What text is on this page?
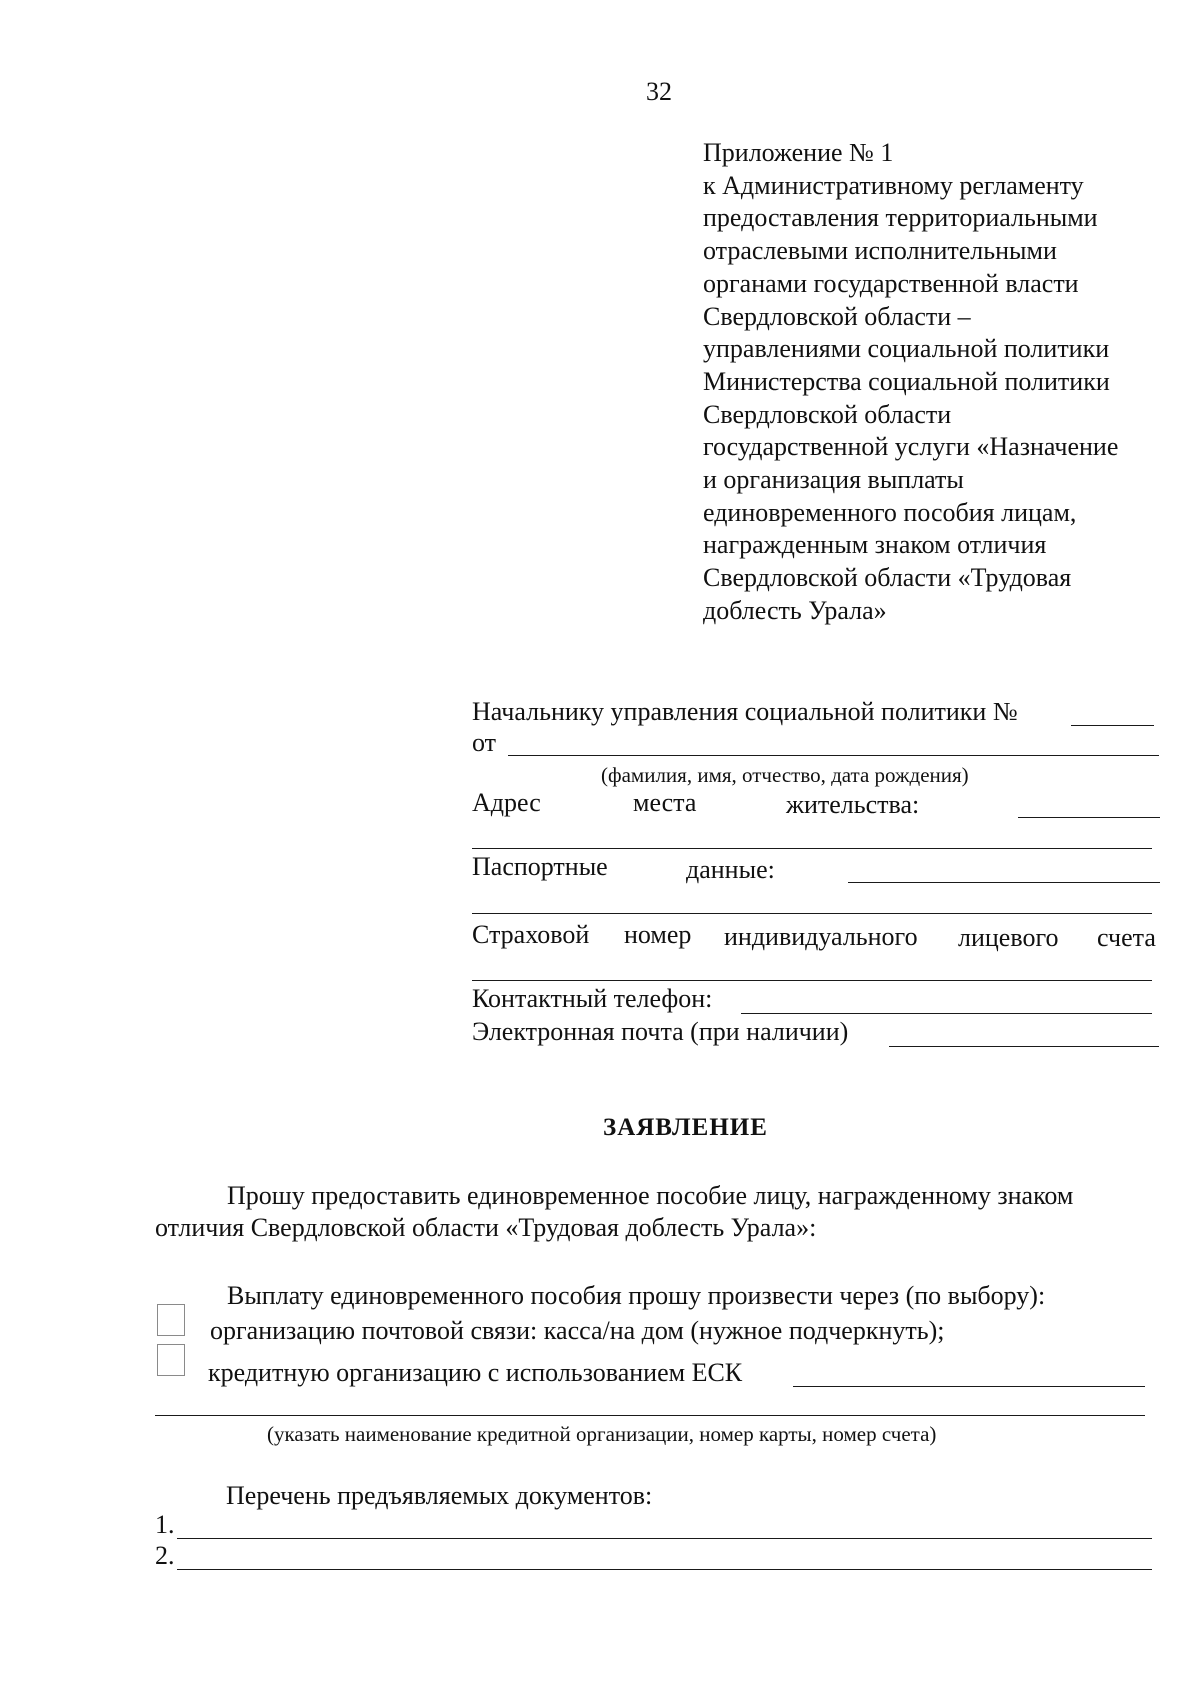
32
Приложение № 1
к Административному регламенту
предоставления территориальными
отраслевыми исполнительными
органами государственной власти
Свердловской области –
управлениями социальной политики
Министерства социальной политики
Свердловской области
государственной услуги «Назначение
и организация выплаты
единовременного пособия лицам,
награжденным знаком отличия
Свердловской области «Трудовая
доблесть Урала»
Начальнику управления социальной политики №
от
(фамилия, имя, отчество, дата рождения)
Адрес	места	жительства:
Паспортные	данные:
Страховой номер индивидуального лицевого счета
Контактный телефон:
Электронная почта (при наличии)
ЗАЯВЛЕНИЕ
Прошу предоставить единовременное пособие лицу, награжденному знаком
отличия Свердловской области «Трудовая доблесть Урала»:
Выплату единовременного пособия прошу произвести через (по выбору):
организацию почтовой связи: касса/на дом (нужное подчеркнуть);
кредитную организацию с использованием ЕСК
(указать наименование кредитной организации, номер карты, номер счета)
Перечень предъявляемых документов:
1.
2.
